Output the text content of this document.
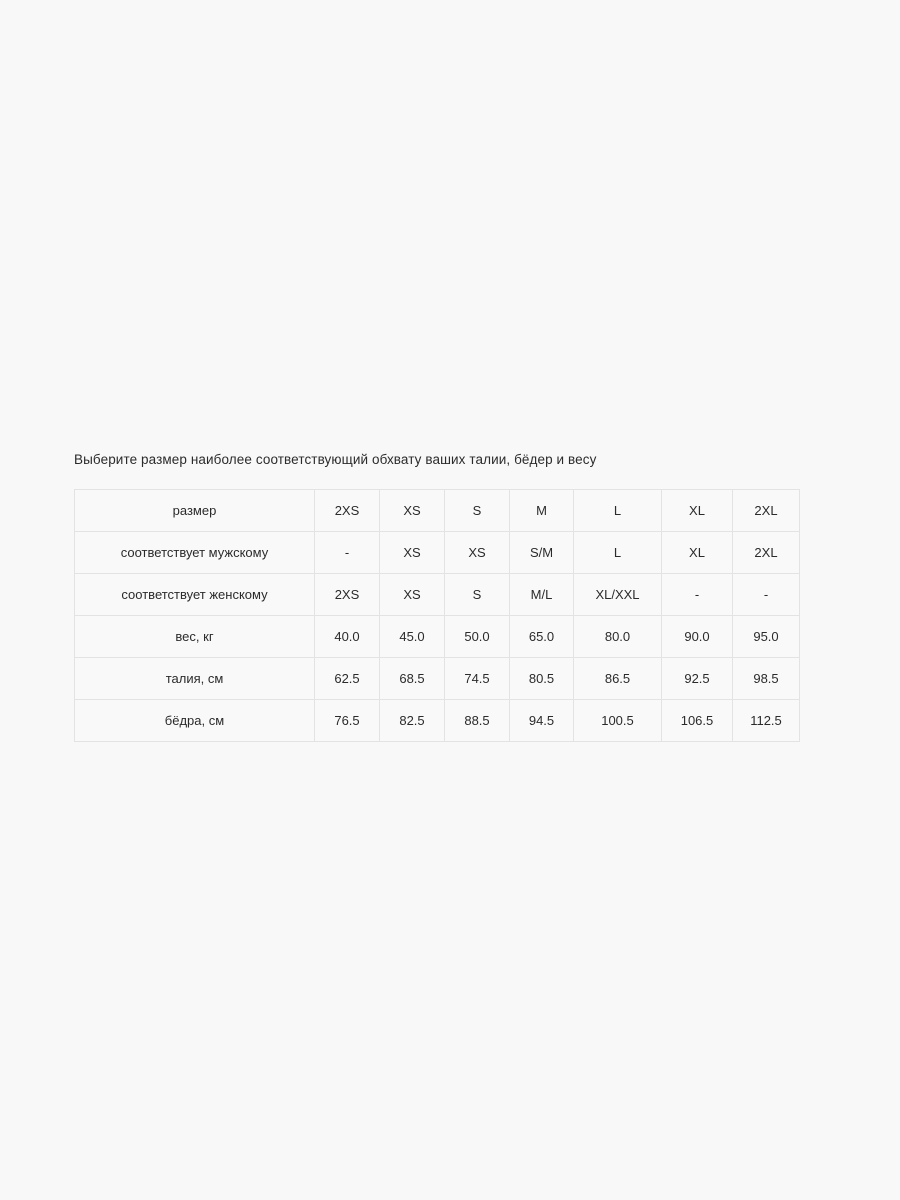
Выберите размер наиболее соответствующий обхвату ваших талии, бёдер и весу
размер	2XS	XS	S	M	L	XL	2XL
соответствует мужскому	-	XS	XS	S/M	L	XL	2XL
соответствует женскому	2XS	XS	S	M/L	XL/XXL	-	-
вес, кг	40.0	45.0	50.0	65.0	80.0	90.0	95.0
талия, см	62.5	68.5	74.5	80.5	86.5	92.5	98.5
бёдра, см	76.5	82.5	88.5	94.5	100.5	106.5	112.5
